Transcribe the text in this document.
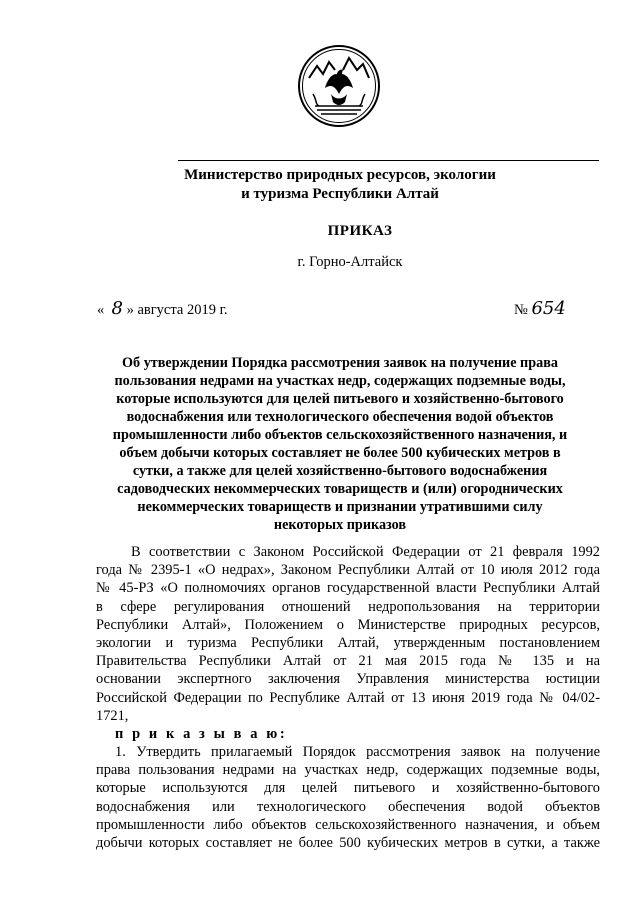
Министерство природных ресурсов, экологии
и туризма Республики Алтай
ПРИКАЗ
г. Горно-Алтайск
« 8 » августа 2019 г.	№ 654
Об утверждении Порядка рассмотрения заявок на получение права
пользования недрами на участках недр, содержащих подземные воды,
которые используются для целей питьевого и хозяйственно-бытового
водоснабжения или технологического обеспечения водой объектов
промышленности либо объектов сельскохозяйственного назначения, и
объем добычи которых составляет не более 500 кубических метров в
сутки, а также для целей хозяйственно-бытового водоснабжения
садоводческих некоммерческих товариществ и (или) огороднических
некоммерческих товариществ и признании утратившими силу
некоторых приказов
В соответствии с Законом Российской Федерации от 21 февраля 1992
года № 2395-1 «О недрах», Законом Республики Алтай от 10 июля 2012 года
№ 45-РЗ «О полномочиях органов государственной власти Республики Алтай
в сфере регулирования отношений недропользования на территории
Республики Алтай», Положением о Министерстве природных ресурсов,
экологии и туризма Республики Алтай, утвержденным постановлением
Правительства Республики Алтай от 21 мая 2015 года № 135 и на
основании экспертного заключения Управления министерства юстиции
Российской Федерации по Республике Алтай от 13 июня 2019 года № 04/02-
1721,
п р и к а з ы в а ю:
1. Утвердить прилагаемый Порядок рассмотрения заявок на получение
права пользования недрами на участках недр, содержащих подземные воды,
которые используются для целей питьевого и хозяйственно-бытового
водоснабжения или технологического обеспечения водой объектов
промышленности либо объектов сельскохозяйственного назначения, и объем
добычи которых составляет не более 500 кубических метров в сутки, а также
